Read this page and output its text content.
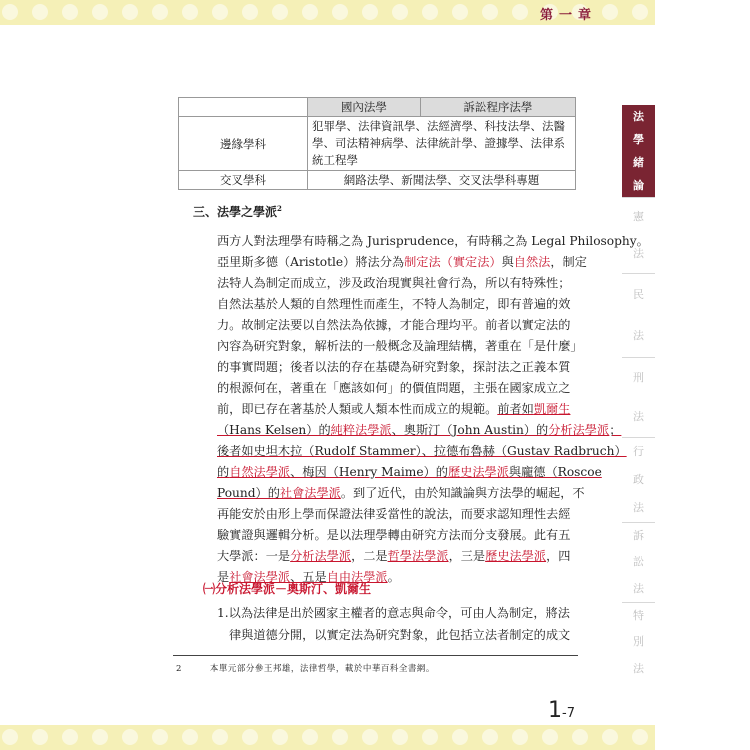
第一章
法
學
緒
論
憲
法
民
法
刑
法
行
政
法
訴
訟
法
特
別
法
	國內法學	訴訟程序法學
邊緣學科	犯罪學、法律資訊學、法經濟學、科技法學、法醫學、司法精神病學、法律統計學、證據學、法律系統工程學	
交叉學科	網路法學、新聞法學、交叉法學科專題	
三、法學之學派$^2$
西方人對法理學有時稱之為 Jurisprudence，有時稱之為 Legal Philosophy。
亞里斯多德（Aristotle）將法分為制定法（實定法）與自然法，制定
法特人為制定而成立，涉及政治現實與社會行為，所以有特殊性；
自然法基於人類的自然理性而產生，不特人為制定，即有普遍的效
力。故制定法要以自然法為依據，才能合理均平。前者以實定法的
內容為研究對象，解析法的一般概念及論理結構，著重在「是什麼」
的事實問題；後者以法的存在基礎為研究對象，探討法之正義本質
的根源何在，著重在「應該如何」的價值問題，主張在國家成立之
前，即已存在著基於人類或人類本性而成立的規範。前者如凱爾生
（Hans Kelsen）的純粹法學派、奧斯汀（John Austin）的分析法學派；
後者如史坦木拉（Rudolf Stammer）、拉德布魯赫（Gustav Radbruch）
的自然法學派、梅因（Henry Maime）的歷史法學派與龐德（Roscoe
Pound）的社會法學派。到了近代，由於知識論與方法學的崛起，不
再能安於由形上學而保證法律妥當性的說法，而要求認知理性去經
驗實證與邏輯分析。是以法理學轉由研究方法而分支發展。此有五
大學派：一是分析法學派，二是哲學法學派，三是歷史法學派，四
是社會法學派、五是自由法學派。
㈠分析法學派－奧斯汀、凱爾生
1.以為法律是出於國家主權者的意志與命令，可由人為制定，將法
律與道德分開，以實定法為研究對象，此包括立法者制定的成文
2	本單元部分參王邦雄，法律哲學，載於中華百科全書網。
1-7
